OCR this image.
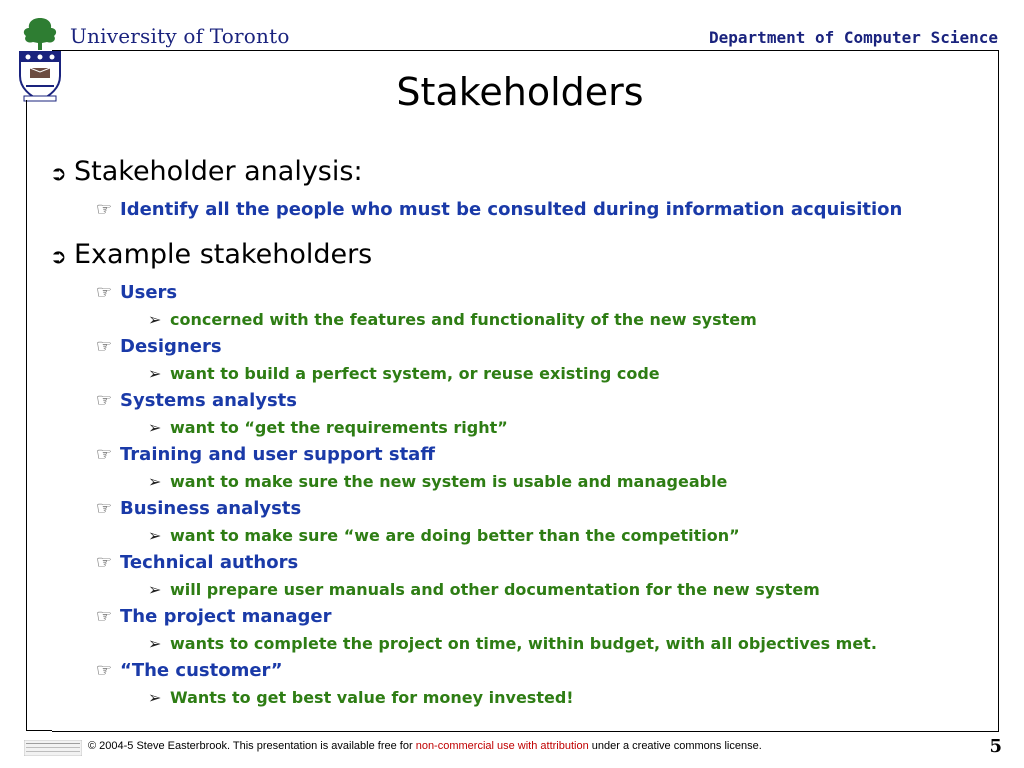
University of Toronto	Department of Computer Science
Stakeholders
➲ Stakeholder analysis:
☞ Identify all the people who must be consulted during information acquisition
➲ Example stakeholders
☞ Users
➢ concerned with the features and functionality of the new system
☞ Designers
➢ want to build a perfect system, or reuse existing code
☞ Systems analysts
➢ want to “get the requirements right”
☞ Training and user support staff
➢ want to make sure the new system is usable and manageable
☞ Business analysts
➢ want to make sure “we are doing better than the competition”
☞ Technical authors
➢ will prepare user manuals and other documentation for the new system
☞ The project manager
➢ wants to complete the project on time, within budget, with all objectives met.
☞ “The customer”
➢ Wants to get best value for money invested!
© 2004-5 Steve Easterbrook. This presentation is available free for non-commercial use with attribution under a creative commons license.	5
